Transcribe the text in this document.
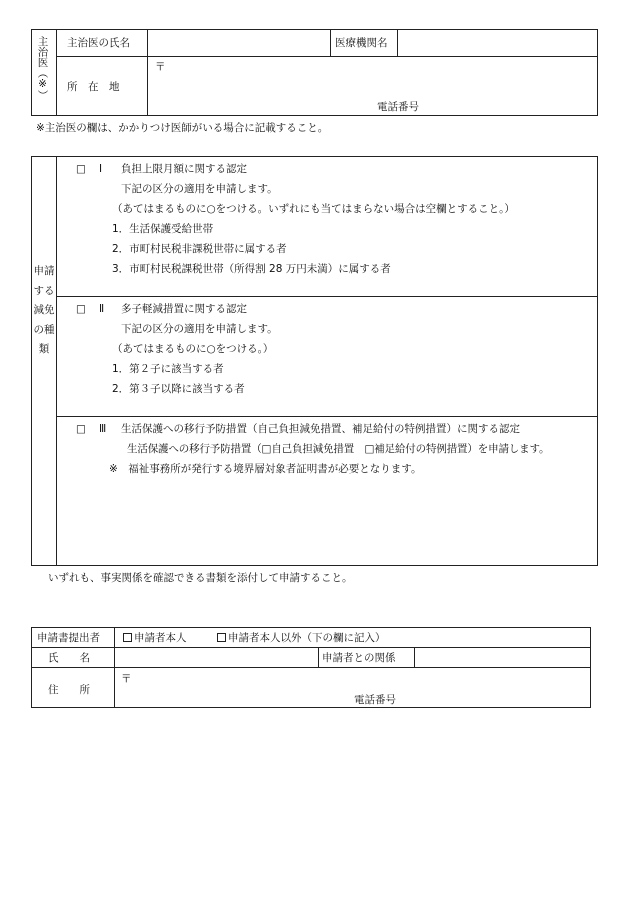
主治医（※） 主治医の氏名	医療機関名
所　在　地
〒
電話番号
※主治医の欄は、かかりつけ医師がいる場合に記載すること。
申請する減免の種類
□ Ⅰ 負担上限月額に関する認定
下記の区分の適用を申請します。
（あてはまるものに○をつける。いずれにも当てはまらない場合は空欄とすること。）
1．生活保護受給世帯
2．市町村民税非課税世帯に属する者
3．市町村民税課税世帯（所得割 28 万円未満）に属する者
□ Ⅱ 多子軽減措置に関する認定
下記の区分の適用を申請します。
（あてはまるものに○をつける。）
1．第２子に該当する者
2．第３子以降に該当する者
□ Ⅲ 生活保護への移行予防措置（自己負担減免措置、補足給付の特例措置）に関する認定
生活保護への移行予防措置（□自己負担減免措置　□補足給付の特例措置）を申請します。
※　福祉事務所が発行する境界層対象者証明書が必要となります。
いずれも、事実関係を確認できる書類を添付して申請すること。
申請書提出者	申請者本人	申請者本人以外（下の欄に記入）
氏　　名	申請者との関係
住　　所
〒
電話番号
